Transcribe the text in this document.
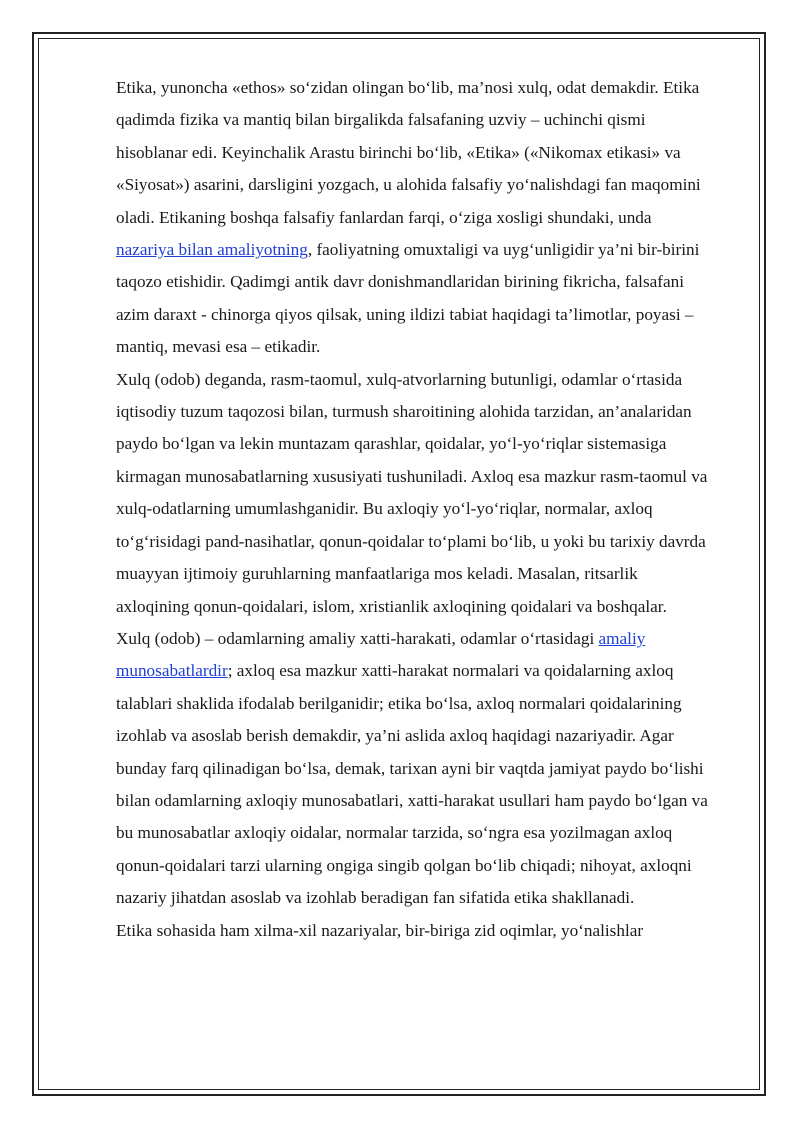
Etika, yunoncha «ethos» so‘zidan olingan bo‘lib, ma’nosi xulq, odat demakdir. Etika qadimda fizika va mantiq bilan birgalikda falsafaning uzviy – uchinchi qismi hisoblanar edi. Keyinchalik Arastu birinchi bo‘lib, «Etika» («Nikomax etikasi» va «Siyosat») asarini, darsligini yozgach, u alohida falsafiy yo‘nalishdagi fan maqomini oladi. Etikaning boshqa falsafiy fanlardan farqi, o‘ziga xosligi shundaki, unda nazariya bilan amaliyotning, faoliyatning omuxtaligi va uyg‘unligidir ya’ni bir-birini taqozo etishidir. Qadimgi antik davr donishmandlaridan birining fikricha, falsafani azim daraxt - chinorga qiyos qilsak, uning ildizi tabiat haqidagi ta’limotlar, poyasi – mantiq, mevasi esa – etikadir.

Xulq (odob) deganda, rasm-taomul, xulq-atvorlarning butunligi, odamlar o‘rtasida iqtisodiy tuzum taqozosi bilan, turmush sharoitining alohida tarzidan, an’analaridan paydo bo‘lgan va lekin muntazam qarashlar, qoidalar, yo‘l-yo‘riqlar sistemasiga kirmagan munosabatlarning xususiyati tushuniladi. Axloq esa mazkur rasm-taomul va xulq-odatlarning umumlashganidir. Bu axloqiy yo‘l-yo‘riqlar, normalar, axloq to‘g‘risidagi pand-nasihatlar, qonun-qoidalar to‘plami bo‘lib, u yoki bu tarixiy davrda muayyan ijtimoiy guruhlarning manfaatlariga mos keladi. Masalan, ritsarlik axloqining qonun-qoidalari, islom, xristianlik axloqining qoidalari va boshqalar.

Xulq (odob) – odamlarning amaliy xatti-harakati, odamlar o‘rtasidagi amaliy munosabatlardir; axloq esa mazkur xatti-harakat normalari va qoidalarning axloq talablari shaklida ifodalab berilganidir; etika bo‘lsa, axloq normalari qoidalarining izohlab va asoslab berish demakdir, ya’ni aslida axloq haqidagi nazariyadir. Agar bunday farq qilinadigan bo‘lsa, demak, tarixan ayni bir vaqtda jamiyat paydo bo‘lishi bilan odamlarning axloqiy munosabatlari, xatti-harakat usullari ham paydo bo‘lgan va bu munosabatlar axloqiy oidalar, normalar tarzida, so‘ngra esa yozilmagan axloq qonun-qoidalari tarzi ularning ongiga singib qolgan bo‘lib chiqadi; nihoyat, axloqni nazariy jihatdan asoslab va izohlab beradigan fan sifatida etika shakllanadi.

Etika sohasida ham xilma-xil nazariyalar, bir-biriga zid oqimlar, yo‘nalishlar
